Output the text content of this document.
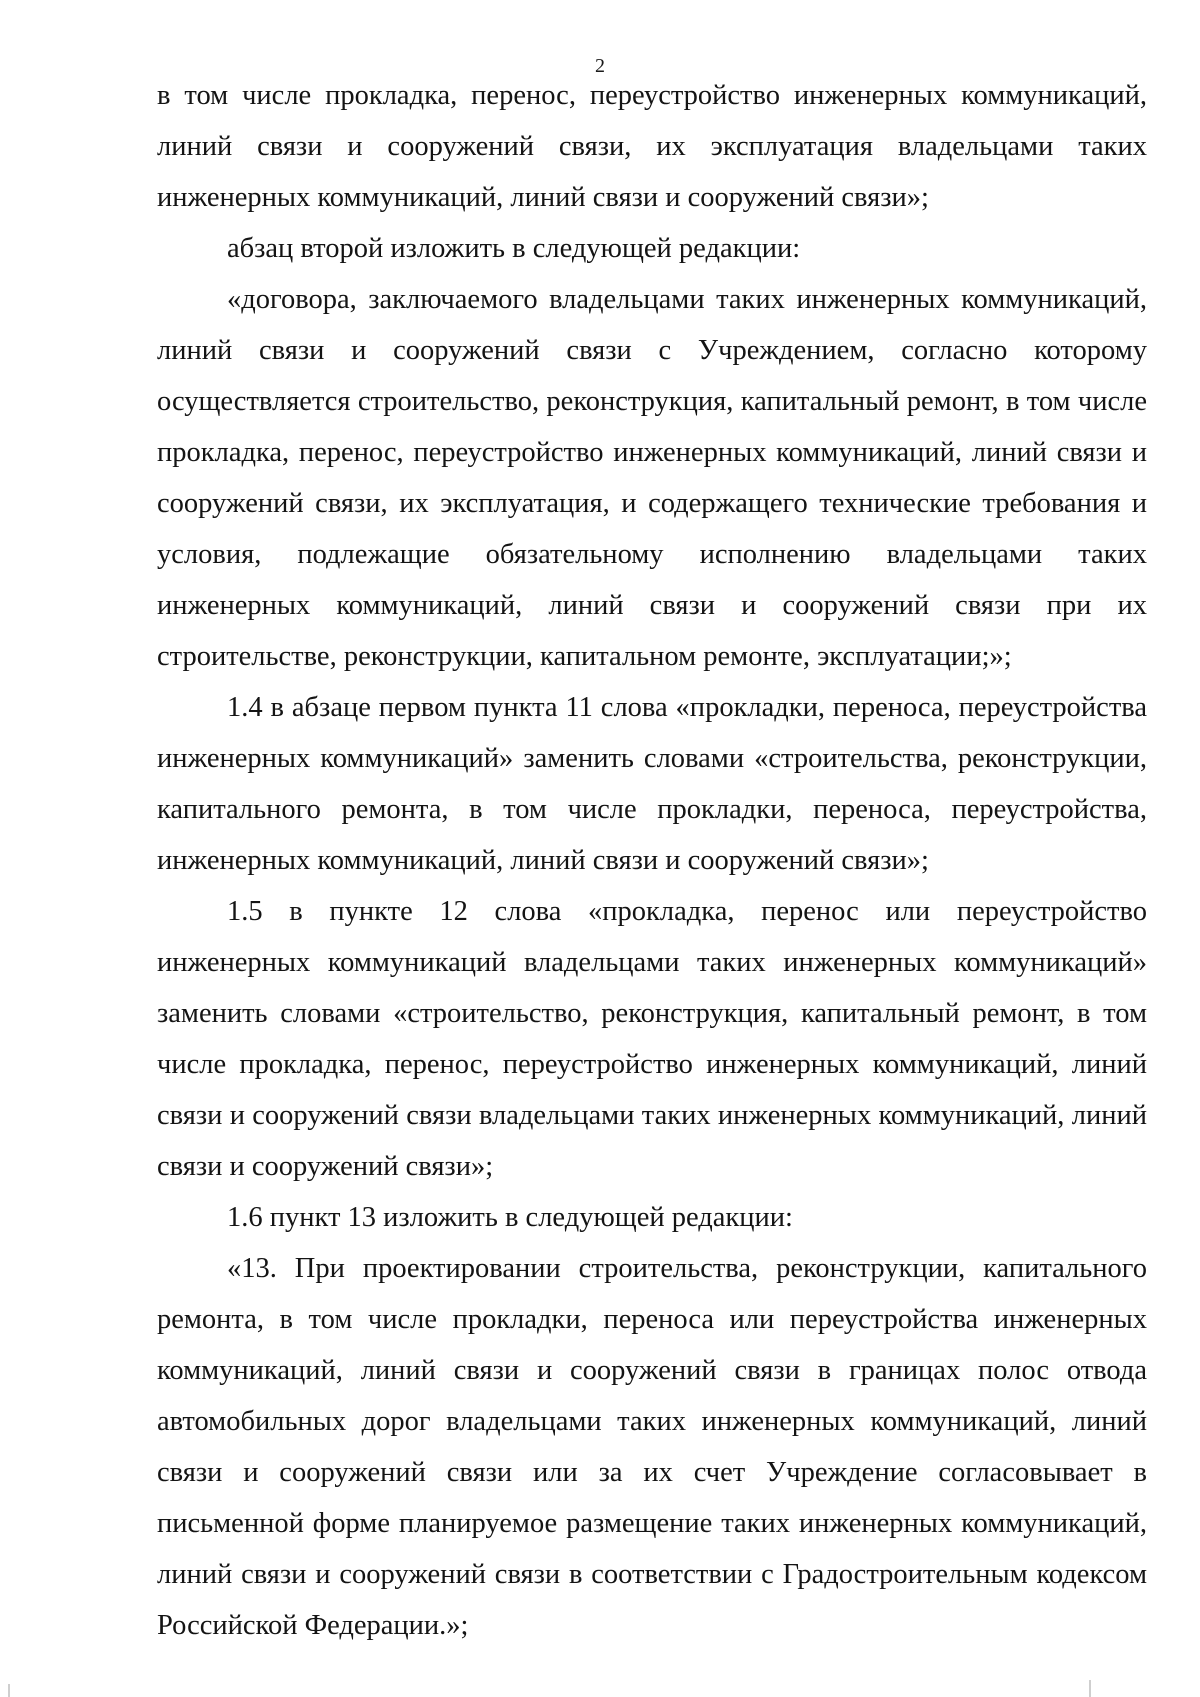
2

в том числе прокладка, перенос, переустройство инженерных коммуникаций, линий связи и сооружений связи, их эксплуатация владельцами таких инженерных коммуникаций, линий связи и сооружений связи»;

абзац второй изложить в следующей редакции:

«договора, заключаемого владельцами таких инженерных коммуникаций, линий связи и сооружений связи с Учреждением, согласно которому осуществляется строительство, реконструкция, капитальный ремонт, в том числе прокладка, перенос, переустройство инженерных коммуникаций, линий связи и сооружений связи, их эксплуатация, и содержащего технические требования и условия, подлежащие обязательному исполнению владельцами таких инженерных коммуникаций, линий связи и сооружений связи при их строительстве, реконструкции, капитальном ремонте, эксплуатации;»;

1.4 в абзаце первом пункта 11 слова «прокладки, переноса, переустройства инженерных коммуникаций» заменить словами «строительства, реконструкции, капитального ремонта, в том числе прокладки, переноса, переустройства, инженерных коммуникаций, линий связи и сооружений связи»;

1.5 в пункте 12 слова «прокладка, перенос или переустройство инженерных коммуникаций владельцами таких инженерных коммуникаций» заменить словами «строительство, реконструкция, капитальный ремонт, в том числе прокладка, перенос, переустройство инженерных коммуникаций, линий связи и сооружений связи владельцами таких инженерных коммуникаций, линий связи и сооружений связи»;

1.6 пункт 13 изложить в следующей редакции:

«13. При проектировании строительства, реконструкции, капитального ремонта, в том числе прокладки, переноса или переустройства инженерных коммуникаций, линий связи и сооружений связи в границах полос отвода автомобильных дорог владельцами таких инженерных коммуникаций, линий связи и сооружений связи или за их счет Учреждение согласовывает в письменной форме планируемое размещение таких инженерных коммуникаций, линий связи и сооружений связи в соответствии с Градостроительным кодексом Российской Федерации.»;
